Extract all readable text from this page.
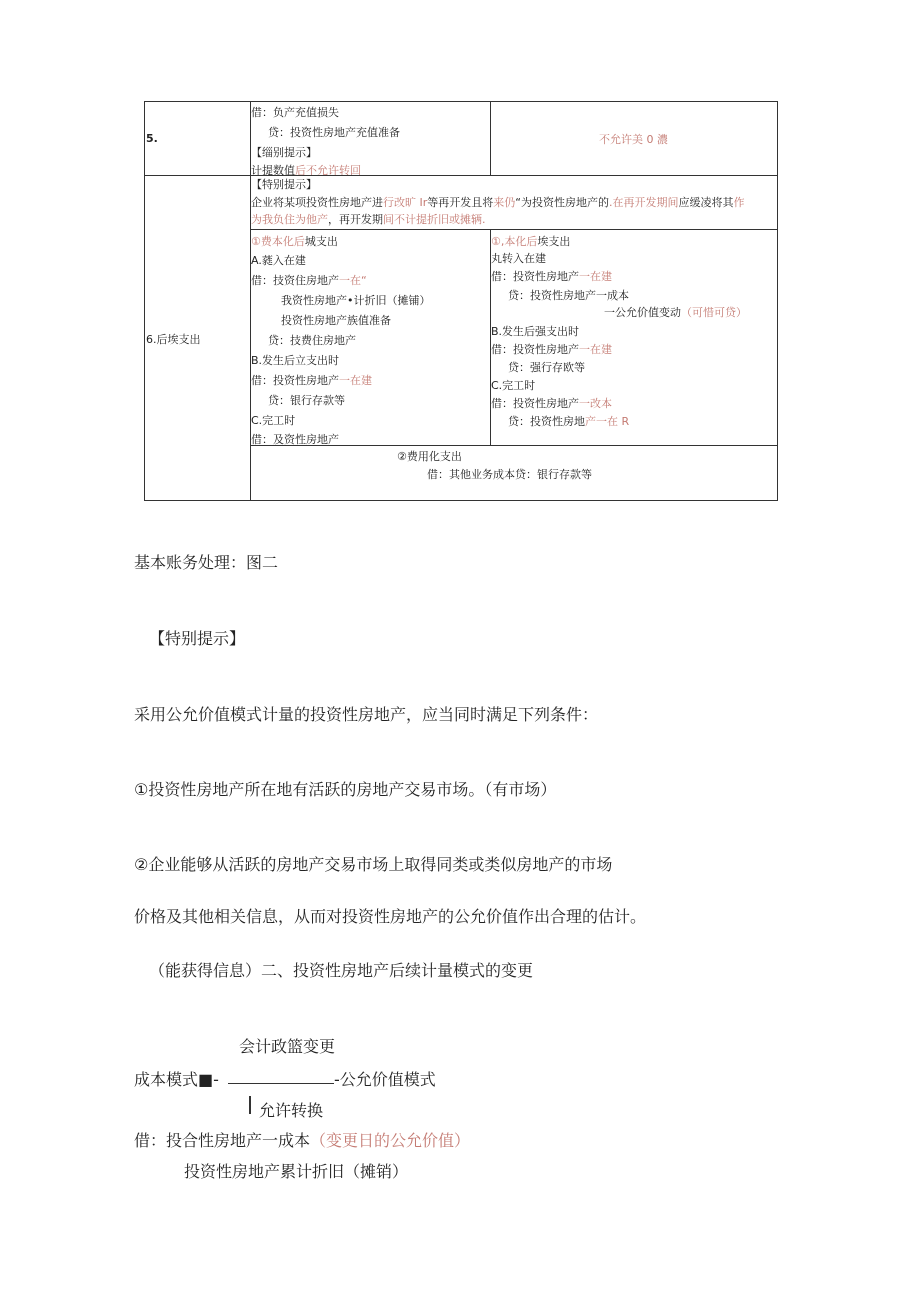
5.
借：负产充值损失
贷：投资性房地产充值准备
【缁别提示】
计提数值后不允许转回
不允许美 0 濃
6.后埃支出
【特别提示】
企业将某项投资性房地产进行改旷 Ir等再开发且将来仍“为投资性房地产的.在再开发期间应缓凌将其作
为我负住为他产，再开发期间不计提折旧或摊辆.
①费本化后城支出
A.蕤入在建
借：技资住房地产一在“
我资性房地产•计折旧（摊铺）
投资性房地产族值准备
贷：技费住房地产
B.发生后立支出时
借：投资性房地产一在建
贷：银行存款等
C.完工时
借：及资性房地产
①,本化后埃支出
丸转入在建
借：投资性房地产一在建
贷：投资性房地产一成本
一公允价值变动（可惜可贷）
B.发生后强支出时
借：投资性房地产一在建
贷：强行存欧等
C.完工时
借：投资性房地产一改本
贷：投资性房地产一在 R
②费用化支出
借：其他业务成本贷：银行存款等
基本账务处理：图二
【特别提示】
采用公允价值模式计量的投资性房地产，应当同时满足下列条件：
①投资性房地产所在地有活跃的房地产交易市场。（有市场）
②企业能够从活跃的房地产交易市场上取得同类或类似房地产的市场
价格及其他相关信息，从而对投资性房地产的公允价值作出合理的估计。
（能获得信息）二、投资性房地产后续计量模式的变更
会计政篮变更
成本模式■-	-公允价值模式
允许转换
借：投合性房地产一成本（变更日的公允价值）
投资性房地产累计折旧（摊销）
